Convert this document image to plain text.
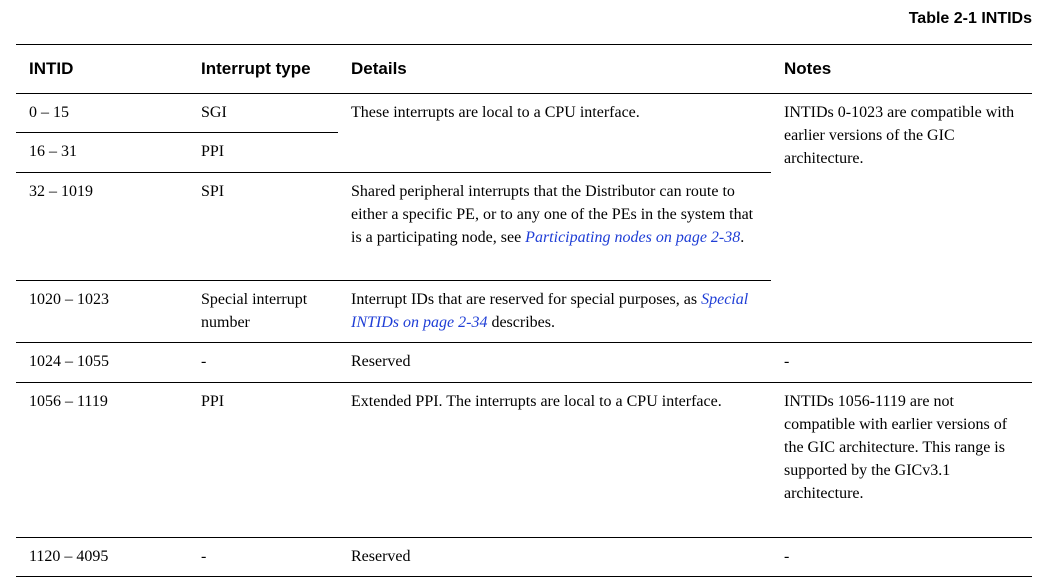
Table 2-1 INTIDs
INTID	Interrupt type	Details	Notes
0 – 15	SGI	These interrupts are local to a CPU interface.	INTIDs 0-1023 are compatible with earlier versions of the GIC architecture.
16 – 31	PPI		
32 – 1019	SPI	Shared peripheral interrupts that the Distributor can route to either a specific PE, or to any one of the PEs in the system that is a participating node, see Participating nodes on page 2-38.	
1020 – 1023	Special interrupt number	Interrupt IDs that are reserved for special purposes, as Special INTIDs on page 2-34 describes.	
1024 – 1055	-	Reserved	-
1056 – 1119	PPI	Extended PPI. The interrupts are local to a CPU interface.	INTIDs 1056-1119 are not compatible with earlier versions of the GIC architecture. This range is supported by the GICv3.1 architecture.
1120 – 4095	-	Reserved	-
